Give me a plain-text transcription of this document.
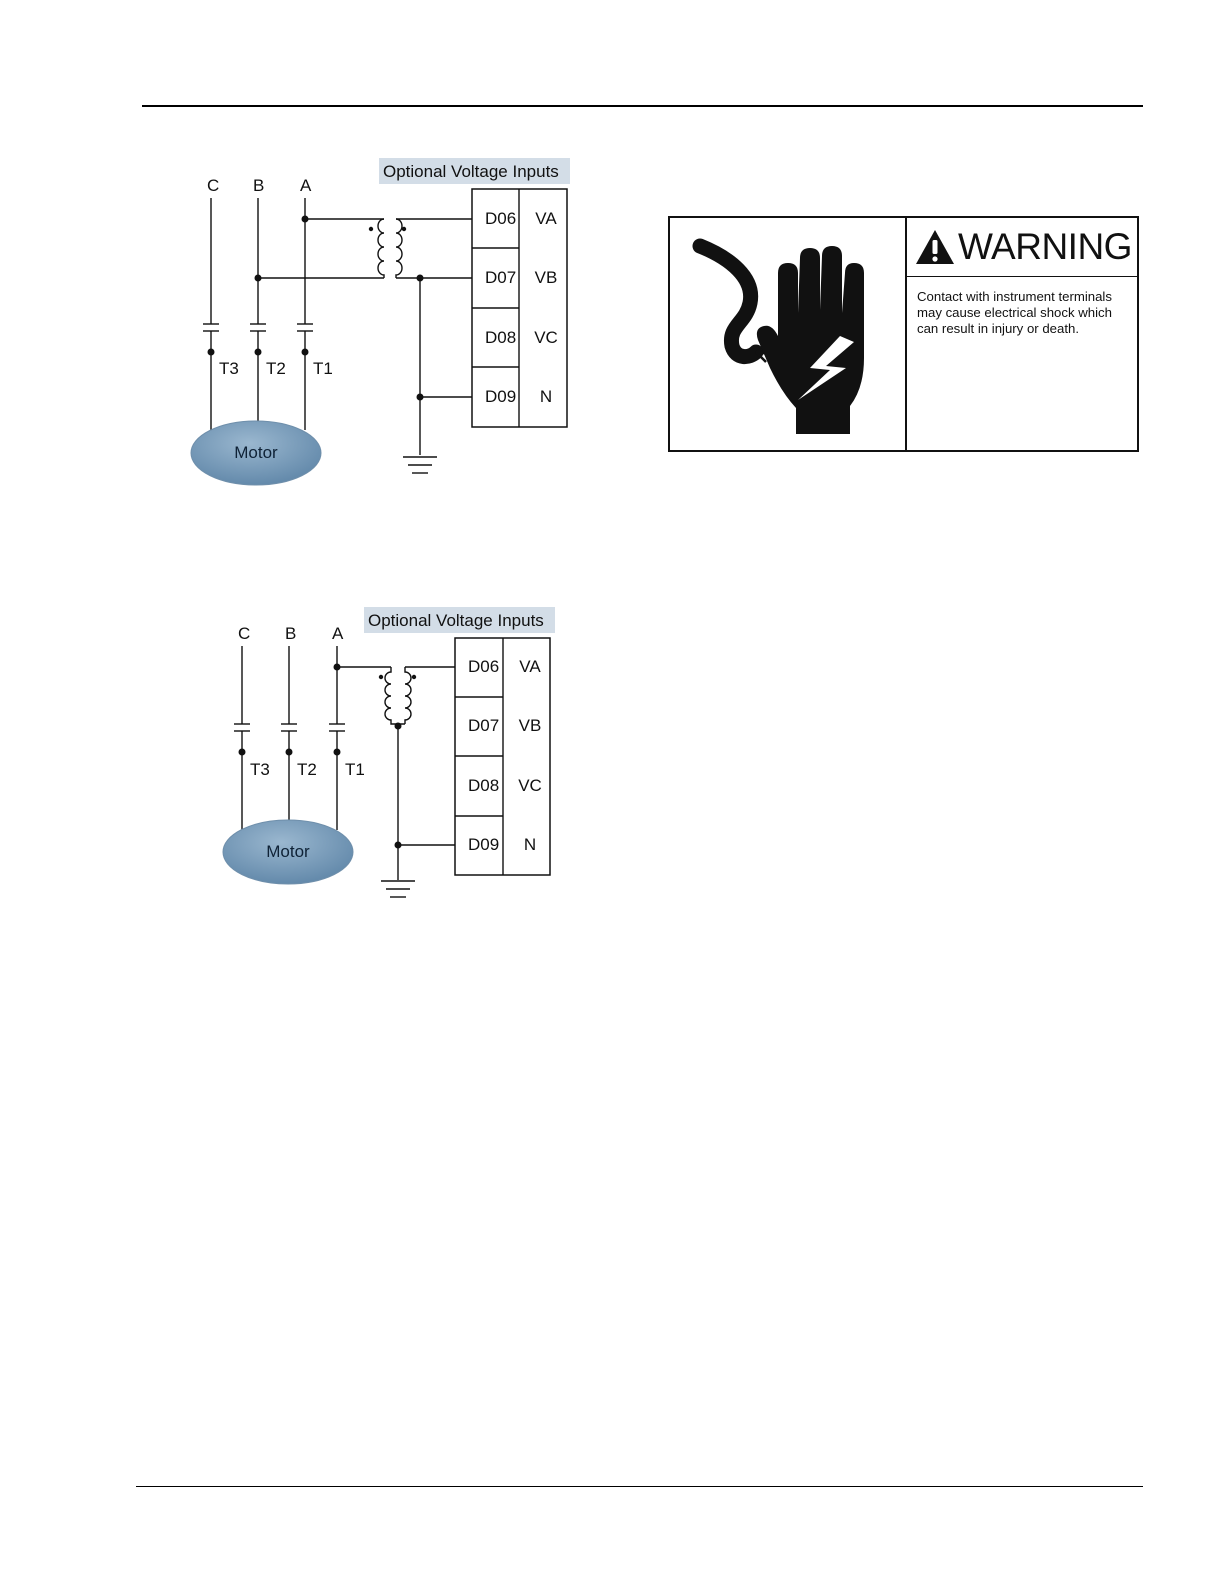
Optional Voltage Inputs
C B A
T3 T2 T1
Motor
D06
D07
D08
D09
VA
VB
VC
N
Optional Voltage Inputs
C B A
T3 T2 T1
Motor
D06
D07
D08
D09
VA
VB
VC
N
WARNING
Contact with instrument terminals may cause electrical shock which can result in injury or death.
